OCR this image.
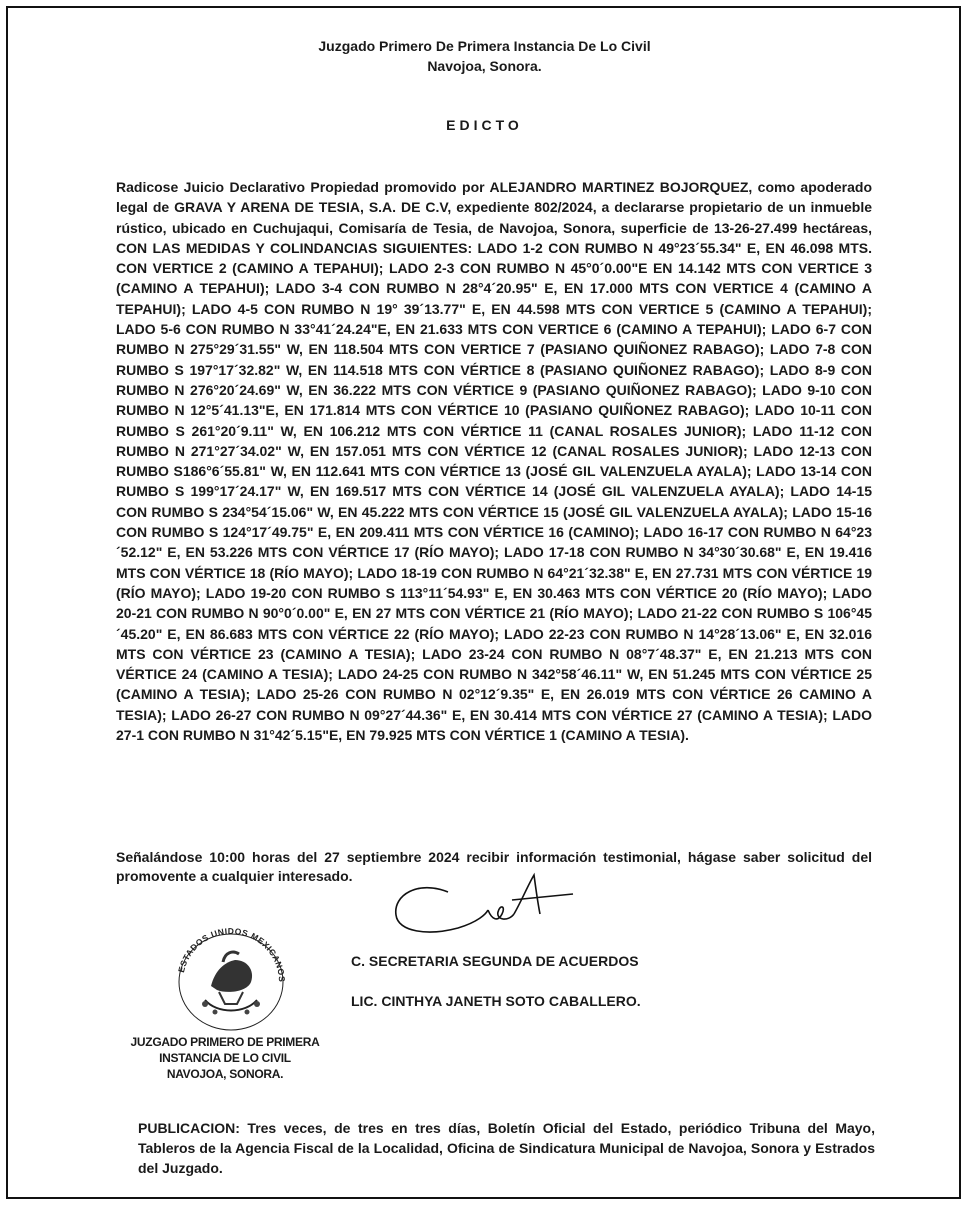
Juzgado Primero De Primera Instancia De Lo Civil
Navojoa, Sonora.
EDICTO
Radicose Juicio Declarativo Propiedad promovido por ALEJANDRO MARTINEZ BOJORQUEZ, como apoderado legal de GRAVA Y ARENA DE TESIA, S.A. DE C.V, expediente 802/2024, a declararse propietario de un inmueble rústico, ubicado en Cuchujaqui, Comisaría de Tesia, de Navojoa, Sonora, superficie de 13-26-27.499 hectáreas, CON LAS MEDIDAS Y COLINDANCIAS SIGUIENTES: LADO 1-2 CON RUMBO N 49°23´55.34" E, EN 46.098 MTS. CON VERTICE 2 (CAMINO A TEPAHUI); LADO 2-3 CON RUMBO N 45°0´0.00"E EN 14.142 MTS CON VERTICE 3 (CAMINO A TEPAHUI); LADO 3-4 CON RUMBO N 28°4´20.95" E, EN 17.000 MTS CON VERTICE 4 (CAMINO A TEPAHUI); LADO 4-5 CON RUMBO N 19° 39´13.77" E, EN 44.598 MTS CON VERTICE 5 (CAMINO A TEPAHUI); LADO 5-6 CON RUMBO N 33°41´24.24"E, EN 21.633 MTS CON VERTICE 6 (CAMINO A TEPAHUI); LADO 6-7 CON RUMBO N 275°29´31.55" W, EN 118.504 MTS CON VERTICE 7 (PASIANO QUIÑONEZ RABAGO); LADO 7-8 CON RUMBO S 197°17´32.82" W, EN 114.518 MTS CON VÉRTICE 8 (PASIANO QUIÑONEZ RABAGO); LADO 8-9 CON RUMBO N 276°20´24.69" W, EN 36.222 MTS CON VÉRTICE 9 (PASIANO QUIÑONEZ RABAGO); LADO 9-10 CON RUMBO N 12°5´41.13"E, EN 171.814 MTS CON VÉRTICE 10 (PASIANO QUIÑONEZ RABAGO); LADO 10-11 CON RUMBO S 261°20´9.11" W, EN 106.212 MTS CON VÉRTICE 11 (CANAL ROSALES JUNIOR); LADO 11-12 CON RUMBO N 271°27´34.02" W, EN 157.051 MTS CON VÉRTICE 12 (CANAL ROSALES JUNIOR); LADO 12-13 CON RUMBO S186°6´55.81" W, EN 112.641 MTS CON VÉRTICE 13 (JOSÉ GIL VALENZUELA AYALA); LADO 13-14 CON RUMBO S 199°17´24.17" W, EN 169.517 MTS CON VÉRTICE 14 (JOSÉ GIL VALENZUELA AYALA); LADO 14-15 CON RUMBO S 234°54´15.06" W, EN 45.222 MTS CON VÉRTICE 15 (JOSÉ GIL VALENZUELA AYALA); LADO 15-16 CON RUMBO S 124°17´49.75" E, EN 209.411 MTS CON VÉRTICE 16 (CAMINO); LADO 16-17 CON RUMBO N 64°23´52.12" E, EN 53.226 MTS CON VÉRTICE 17 (RÍO MAYO); LADO 17-18 CON RUMBO N 34°30´30.68" E, EN 19.416 MTS CON VÉRTICE 18 (RÍO MAYO); LADO 18-19 CON RUMBO N 64°21´32.38" E, EN 27.731 MTS CON VÉRTICE 19 (RÍO MAYO); LADO 19-20 CON RUMBO S 113°11´54.93" E, EN 30.463 MTS CON VÉRTICE 20 (RÍO MAYO); LADO 20-21 CON RUMBO N 90°0´0.00" E, EN 27 MTS CON VÉRTICE 21 (RÍO MAYO); LADO 21-22 CON RUMBO S 106°45´45.20" E, EN 86.683 MTS CON VÉRTICE 22 (RÍO MAYO); LADO 22-23 CON RUMBO N 14°28´13.06" E, EN 32.016 MTS CON VÉRTICE 23 (CAMINO A TESIA); LADO 23-24 CON RUMBO N 08°7´48.37" E, EN 21.213 MTS CON VÉRTICE 24 (CAMINO A TESIA); LADO 24-25 CON RUMBO N 342°58´46.11" W, EN 51.245 MTS CON VÉRTICE 25 (CAMINO A TESIA); LADO 25-26 CON RUMBO N 02°12´9.35" E, EN 26.019 MTS CON VÉRTICE 26 CAMINO A TESIA); LADO 26-27 CON RUMBO N 09°27´44.36" E, EN 30.414 MTS CON VÉRTICE 27 (CAMINO A TESIA); LADO 27-1 CON RUMBO N 31°42´5.15"E, EN 79.925 MTS CON VÉRTICE 1 (CAMINO A TESIA).
Señalándose 10:00 horas del 27 septiembre 2024 recibir información testimonial, hágase saber solicitud del promovente a cualquier interesado.
ESTADOS UNIDOS MEXICANOS
JUZGADO PRIMERO DE PRIMERA
INSTANCIA DE LO CIVIL
NAVOJOA, SONORA.
C. SECRETARIA SEGUNDA DE ACUERDOS
LIC. CINTHYA JANETH SOTO CABALLERO.
PUBLICACION: Tres veces, de tres en tres días, Boletín Oficial del Estado, periódico Tribuna del Mayo, Tableros de la Agencia Fiscal de la Localidad, Oficina de Sindicatura Municipal de Navojoa, Sonora y Estrados del Juzgado.
